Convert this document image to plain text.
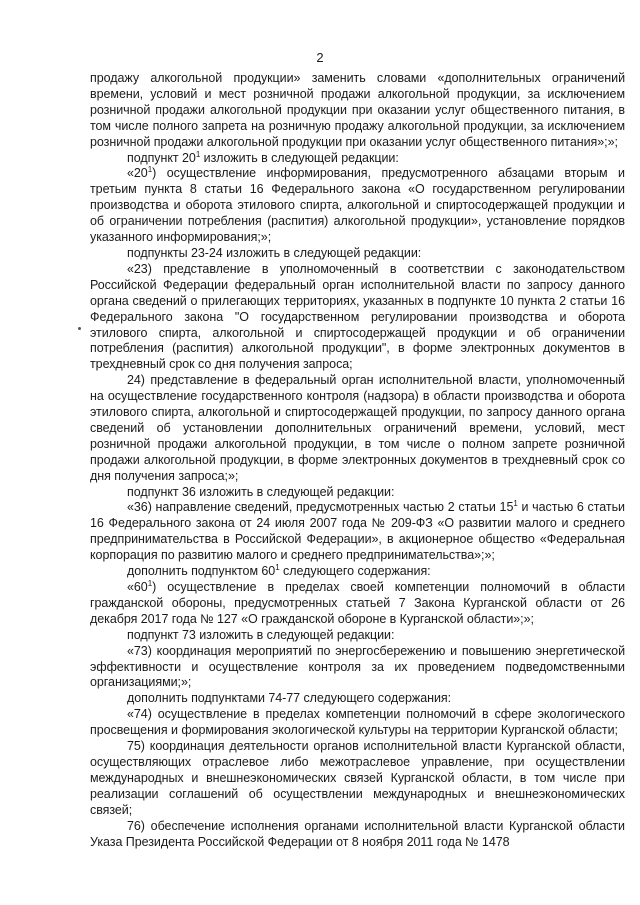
2

продажу алкогольной продукции» заменить словами «дополнительных ограничений времени, условий и мест розничной продажи алкогольной продукции, за исключением розничной продажи алкогольной продукции при оказании услуг общественного питания, в том числе полного запрета на розничную продажу алкогольной продукции, за исключением розничной продажи алкогольной продукции при оказании услуг общественного питания»;»;

подпункт $20^1$ изложить в следующей редакции:

«$20^1$) осуществление информирования, предусмотренного абзацами вторым и третьим пункта 8 статьи 16 Федерального закона «О государственном регулировании производства и оборота этилового спирта, алкогольной и спиртосодержащей продукции и об ограничении потребления (распития) алкогольной продукции», установление порядков указанного информирования;»;

подпункты 23-24 изложить в следующей редакции:

«23) представление в уполномоченный в соответствии с законодательством Российской Федерации федеральный орган исполнительной власти по запросу данного органа сведений о прилегающих территориях, указанных в подпункте 10 пункта 2 статьи 16 Федерального закона "О государственном регулировании производства и оборота этилового спирта, алкогольной и спиртосодержащей продукции и об ограничении потребления (распития) алкогольной продукции", в форме электронных документов в трехдневный срок со дня получения запроса;

24) представление в федеральный орган исполнительной власти, уполномоченный на осуществление государственного контроля (надзора) в области производства и оборота этилового спирта, алкогольной и спиртосодержащей продукции, по запросу данного органа сведений об установлении дополнительных ограничений времени, условий, мест розничной продажи алкогольной продукции, в том числе о полном запрете розничной продажи алкогольной продукции, в форме электронных документов в трехдневный срок со дня получения запроса;»;

подпункт 36 изложить в следующей редакции:

«36) направление сведений, предусмотренных частью 2 статьи $15^1$ и частью 6 статьи 16 Федерального закона от 24 июля 2007 года № 209-ФЗ «О развитии малого и среднего предпринимательства в Российской Федерации», в акционерное общество «Федеральная корпорация по развитию малого и среднего предпринимательства»;»;

дополнить подпунктом $60^1$ следующего содержания:

«$60^1$) осуществление в пределах своей компетенции полномочий в области гражданской обороны, предусмотренных статьей 7 Закона Курганской области от 26 декабря 2017 года № 127 «О гражданской обороне в Курганской области»;»;

подпункт 73 изложить в следующей редакции:

«73) координация мероприятий по энергосбережению и повышению энергетической эффективности и осуществление контроля за их проведением подведомственными организациями;»;

дополнить подпунктами 74-77 следующего содержания:

«74) осуществление в пределах компетенции полномочий в сфере экологического просвещения и формирования экологической культуры на территории Курганской области;

75) координация деятельности органов исполнительной власти Курганской области, осуществляющих отраслевое либо межотраслевое управление, при осуществлении международных и внешнеэкономических связей Курганской области, в том числе при реализации соглашений об осуществлении международных и внешнеэкономических связей;

76) обеспечение исполнения органами исполнительной власти Курганской области Указа Президента Российской Федерации от 8 ноября 2011 года № 1478
